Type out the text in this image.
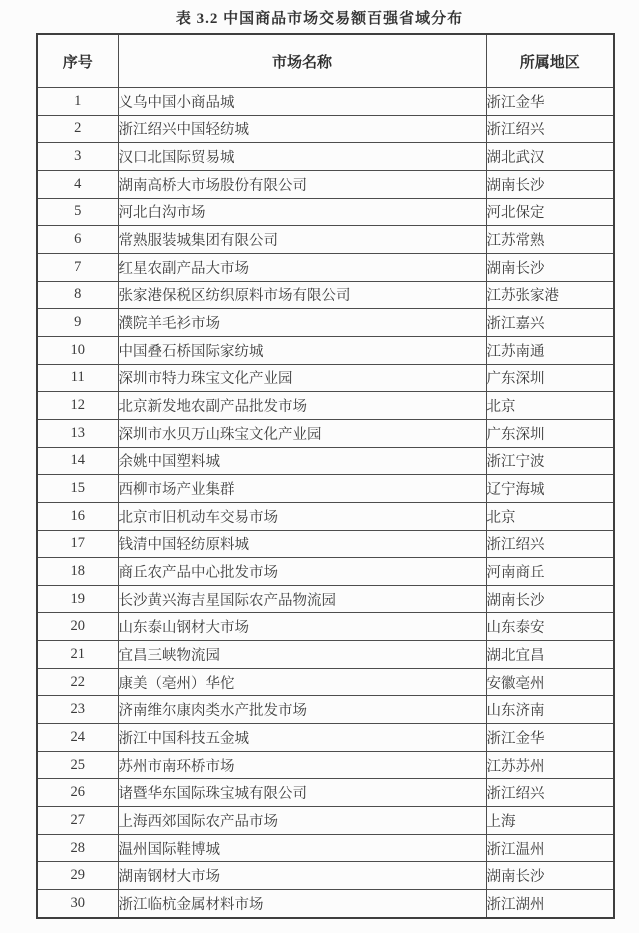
表 3.2 中国商品市场交易额百强省域分布
序号	市场名称	所属地区
1	义乌中国小商品城	浙江金华
2	浙江绍兴中国轻纺城	浙江绍兴
3	汉口北国际贸易城	湖北武汉
4	湖南高桥大市场股份有限公司	湖南长沙
5	河北白沟市场	河北保定
6	常熟服装城集团有限公司	江苏常熟
7	红星农副产品大市场	湖南长沙
8	张家港保税区纺织原料市场有限公司	江苏张家港
9	濮院羊毛衫市场	浙江嘉兴
10	中国叠石桥国际家纺城	江苏南通
11	深圳市特力珠宝文化产业园	广东深圳
12	北京新发地农副产品批发市场	北京
13	深圳市水贝万山珠宝文化产业园	广东深圳
14	余姚中国塑料城	浙江宁波
15	西柳市场产业集群	辽宁海城
16	北京市旧机动车交易市场	北京
17	钱清中国轻纺原料城	浙江绍兴
18	商丘农产品中心批发市场	河南商丘
19	长沙黄兴海吉星国际农产品物流园	湖南长沙
20	山东泰山钢材大市场	山东泰安
21	宜昌三峡物流园	湖北宜昌
22	康美（亳州）华佗	安徽亳州
23	济南维尔康肉类水产批发市场	山东济南
24	浙江中国科技五金城	浙江金华
25	苏州市南环桥市场	江苏苏州
26	诸暨华东国际珠宝城有限公司	浙江绍兴
27	上海西郊国际农产品市场	上海
28	温州国际鞋博城	浙江温州
29	湖南钢材大市场	湖南长沙
30	浙江临杭金属材料市场	浙江湖州
